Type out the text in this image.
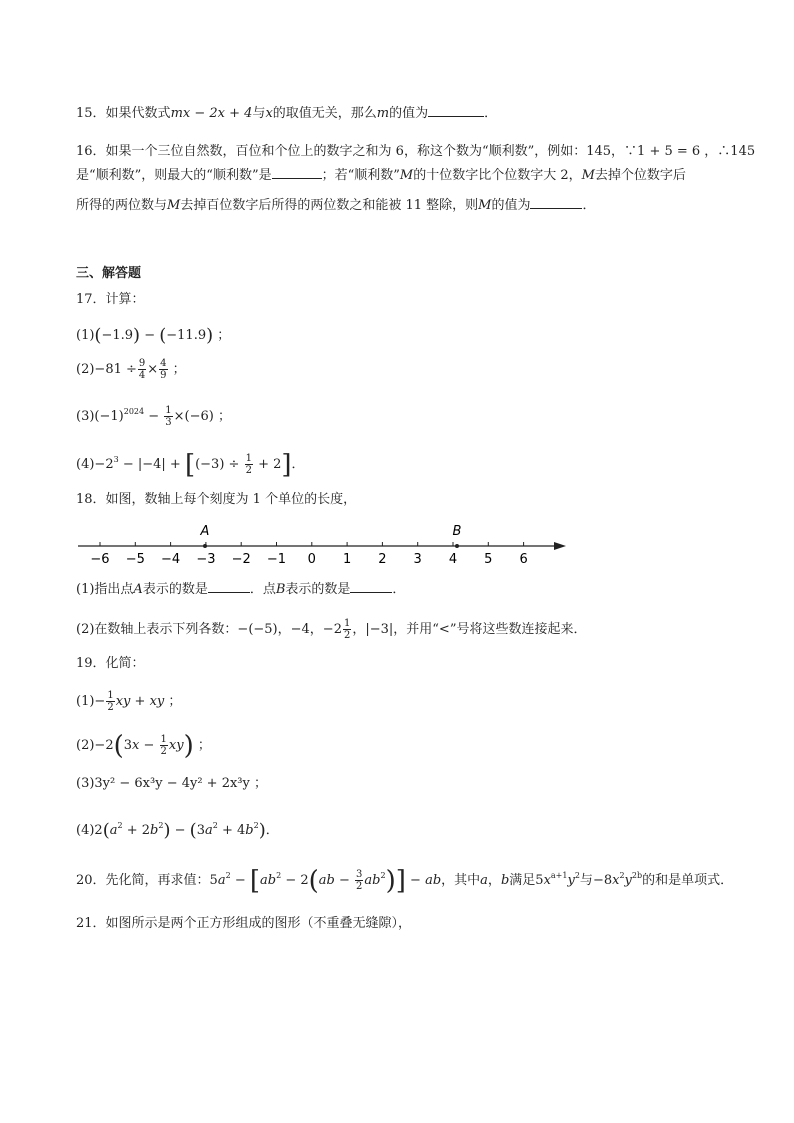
15．如果代数式mx − 2x + 4与x的取值无关，那么m的值为	．
16．如果一个三位自然数，百位和个位上的数字之和为 6，称这个数为“顺利数”，例如：145，∵1 + 5 = 6 ，∴145
是“顺利数”，则最大的“顺利数”是	；若“顺利数”M的十位数字比个位数字大 2，M去掉个位数字后
所得的两位数与M去掉百位数字后所得的两位数之和能被 11 整除，则M的值为	．
三、解答题
17．计算：
(1)(−1.9) − (−11.9) ；
$(2)-81 \div \frac{9}{4} \times \frac{4}{9}$ ；
$(3)(-1)^{2024} - \frac{1}{3} \times(-6)$ ；
$(4)-2^3 - |-4| + [(-3) \div \frac{1}{2} + 2]$．
18．如图，数轴上每个刻度为 1 个单位的长度，
−6 −5 −4 −3 −2 −1 0 1 2 3 4 5 6
A	B
(1)指出点A表示的数是	．点B表示的数是	．
(2)在数轴上表示下列各数：−(−5)，−4，$-2 \frac{1}{2}$ ，|−3|，并用“<”号将这些数连接起来．
19．化简：
$(1)- \frac{1}{2}$ xy + xy ；
$(2)-2(3x - \frac{1}{2} xy)$ ；
(3)3y² − 6x³y − 4y² + 2x³y ；
$(4)2(a^2 + 2b^2) - (3a^2 + 4b^2)$．
20．先化简，再求值：$5a^2 - [ab^2 - 2(ab - \frac{3}{2} ab^2)]$ − ab，其中a，b满足$5x^{a+1}y^2$与$-8x^2y^{2b}$的和是单项式．
21．如图所示是两个正方形组成的图形（不重叠无缝隙），
